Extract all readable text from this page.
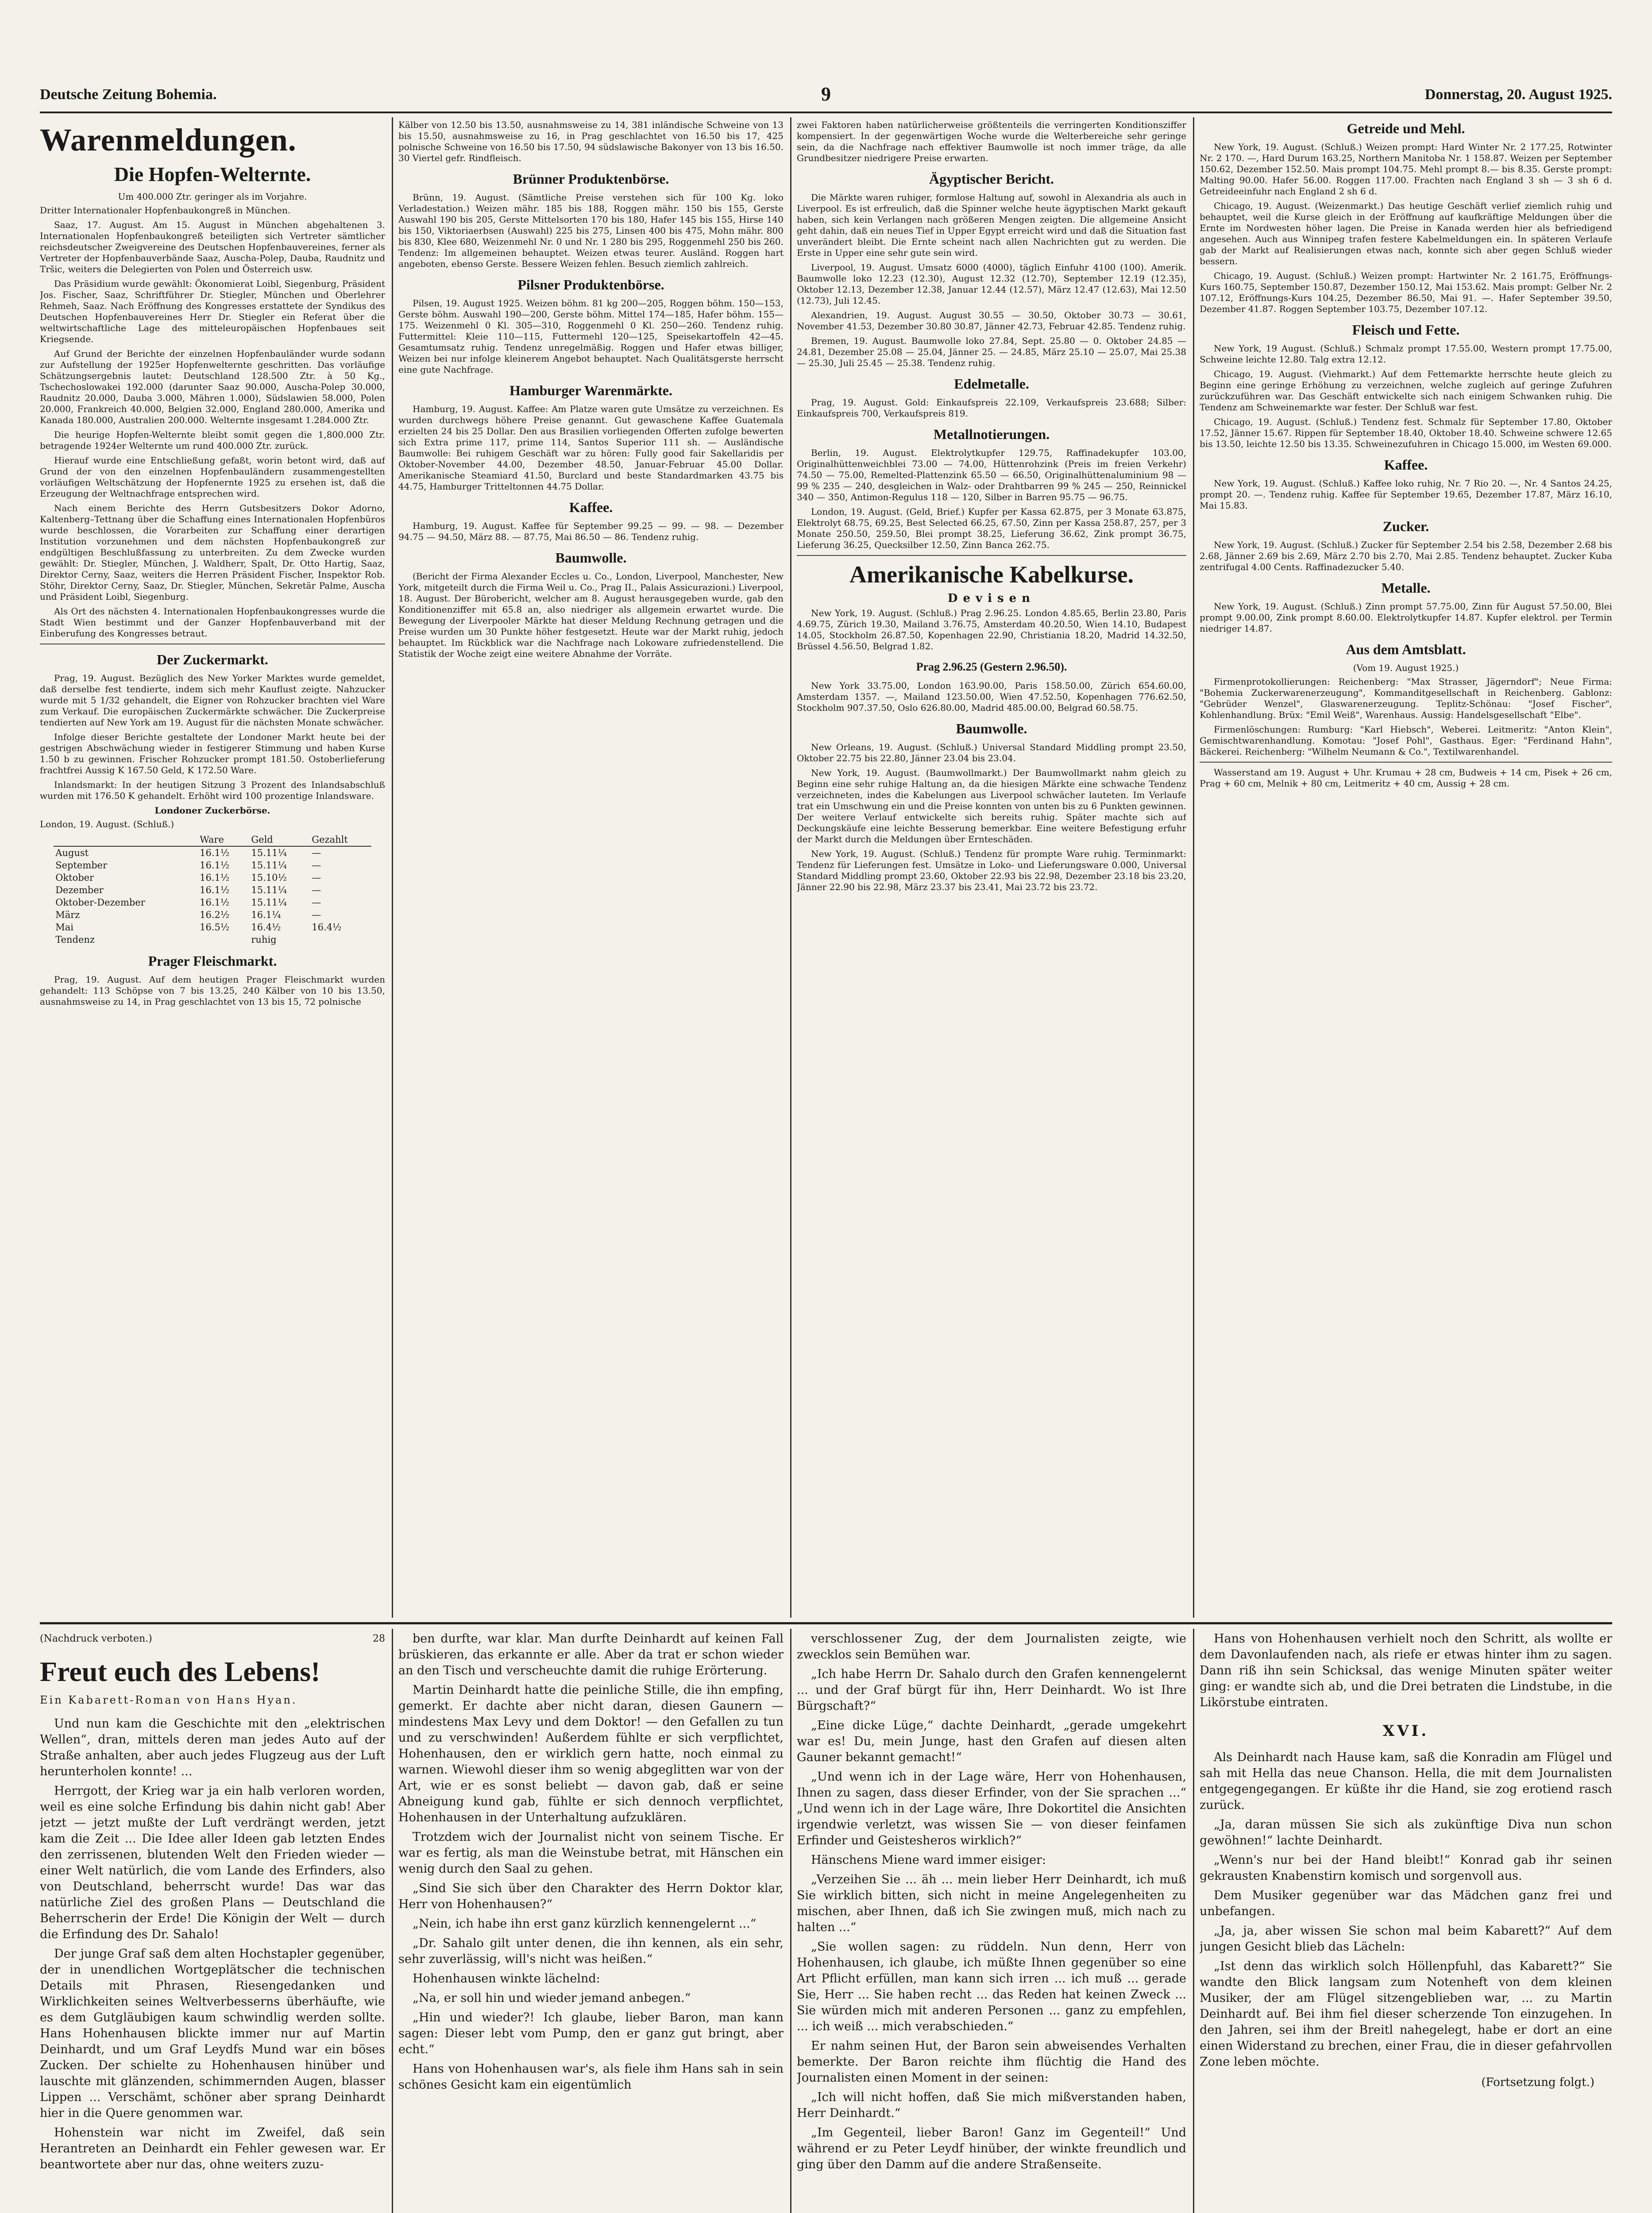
Deutsche Zeitung Bohemia.	9	Donnerstag, 20. August 1925.
Warenmeldungen.
Die Hopfen-Welternte.
Um 400.000 Ztr. geringer als im Vorjahre.

Dritter Internationaler Hopfenbaukongreß in München.

Saaz, 17. August. Am 15. August in München abgehaltenen 3. Internationalen Hopfenbaukongreß beteiligten sich Vertreter sämtlicher reichsdeutscher Zweigvereine des Deutschen Hopfenbauvereines, ferner als Vertreter der Hopfenbauverbände Saaz, Auscha-Polep, Dauba, Raudnitz und Tršic, weiters die Delegierten von Polen und Österreich usw.

Das Präsidium wurde gewählt: Ökonomierat Loibl, Siegenburg, Präsident Jos. Fischer, Saaz, Schriftführer Dr. Stiegler, München und Oberlehrer Rehmeh, Saaz. Nach Eröffnung des Kongresses erstattete der Syndikus des Deutschen Hopfenbauvereines Herr Dr. Stiegler ein Referat über die weltwirtschaftliche Lage des mitteleuropäischen Hopfenbaues seit Kriegsende.

Auf Grund der Berichte der einzelnen Hopfenbauländer wurde sodann zur Aufstellung der 1925er Hopfenwelternte geschritten. Das vorläufige Schätzungsergebnis lautet: Deutschland 128.500 Ztr. à 50 Kg., Tschechoslowakei 192.000 (darunter Saaz 90.000, Auscha-Polep 30.000, Raudnitz 20.000, Dauba 3.000, Mähren 1.000), Südslawien 58.000, Polen 20.000, Frankreich 40.000, Belgien 32.000, England 280.000, Amerika und Kanada 180.000, Australien 200.000. Welternte insgesamt 1.284.000 Ztr.

Die heurige Hopfen-Welternte bleibt somit gegen die 1,800.000 Ztr. betragende 1924er Welternte um rund 400.000 Ztr. zurück.

Hierauf wurde eine Entschließung gefaßt, worin betont wird, daß auf Grund der von den einzelnen Hopfenbauländern zusammengestellten vorläufigen Weltschätzung der Hopfenernte 1925 zu ersehen ist, daß die Erzeugung der Weltnachfrage entsprechen wird.

Nach einem Berichte des Herrn Gutsbesitzers Dokor Adorno, Kaltenberg–Tettnang über die Schaffung eines Internationalen Hopfenbüros wurde beschlossen, die Vorarbeiten zur Schaffung einer derartigen Institution vorzunehmen und dem nächsten Hopfenbaukongreß zur endgültigen Beschlußfassung zu unterbreiten. Zu dem Zwecke wurden gewählt: Dr. Stiegler, München, J. Waldherr, Spalt, Dr. Otto Hartig, Saaz, Direktor Cerny, Saaz, weiters die Herren Präsident Fischer, Inspektor Rob. Stöhr, Direktor Cerny, Saaz, Dr. Stiegler, München, Sekretär Palme, Auscha und Präsident Loibl, Siegenburg.

Als Ort des nächsten 4. Internationalen Hopfenbaukongresses wurde die Stadt Wien bestimmt und der Ganzer Hopfenbauverband mit der Einberufung des Kongresses betraut.

Der Zuckermarkt.

Prag, 19. August. Bezüglich des New Yorker Marktes wurde gemeldet, daß derselbe fest tendierte, indem sich mehr Kauflust zeigte. Nahzucker wurde mit 5 1/32 gehandelt, die Eigner von Rohzucker brachten viel Ware zum Verkauf. Die europäischen Zuckermärkte schwächer. Die Zuckerpreise tendierten auf New York am 19. August für die nächsten Monate schwächer.

Infolge dieser Berichte gestaltete der Londoner Markt heute bei der gestrigen Abschwächung wieder in festigerer Stimmung und haben Kurse 1.50 b zu gewinnen. Frischer Rohzucker prompt 181.50. Ostoberlieferung frachtfrei Aussig K 167.50 Geld, K 172.50 Ware.

Inlandsmarkt: In der heutigen Sitzung 3 Prozent des Inlandsabschluß wurden mit 176.50 K gehandelt. Erhöht wird 100 prozentige Inlandsware.

Londoner Zuckerbörse.

London, 19. August. (Schluß.)

	Ware	Geld	Gezahlt
August	16.1½	15.11¼	—
September	16.1½	15.11¼	—
Oktober	16.1½	15.10½	—
Dezember	16.1½	15.11¼	—
Oktober-Dezember	16.1½	15.11¼	—
März	16.2½	16.1¼	—
Mai	16.5½	16.4½	16.4½
Tendenz		ruhig	
Prager Fleischmarkt.

Prag, 19. August. Auf dem heutigen Prager Fleischmarkt wurden gehandelt: 113 Schöpse von 7 bis 13.25, 240 Kälber von 10 bis 13.50, ausnahmsweise zu 14, in Prag geschlachtet von 13 bis 15, 72 polnische

Kälber von 12.50 bis 13.50, ausnahmsweise zu 14, 381 inländische Schweine von 13 bis 15.50, ausnahmsweise zu 16, in Prag geschlachtet von 16.50 bis 17, 425 polnische Schweine von 16.50 bis 17.50, 94 südslawische Bakonyer von 13 bis 16.50. 30 Viertel gefr. Rindfleisch.

Brünner Produktenbörse.

Brünn, 19. August. (Sämtliche Preise verstehen sich für 100 Kg. loko Verladestation.) Weizen mähr. 185 bis 188, Roggen mähr. 150 bis 155, Gerste Auswahl 190 bis 205, Gerste Mittelsorten 170 bis 180, Hafer 145 bis 155, Hirse 140 bis 150, Viktoriaerbsen (Auswahl) 225 bis 275, Linsen 400 bis 475, Mohn mähr. 800 bis 830, Klee 680, Weizenmehl Nr. 0 und Nr. 1 280 bis 295, Roggenmehl 250 bis 260. Tendenz: Im allgemeinen behauptet. Weizen etwas teurer. Ausländ. Roggen hart angeboten, ebenso Gerste. Bessere Weizen fehlen. Besuch ziemlich zahlreich.

Pilsner Produktenbörse.

Pilsen, 19. August 1925. Weizen böhm. 81 kg 200—205, Roggen böhm. 150—153, Gerste böhm. Auswahl 190—200, Gerste böhm. Mittel 174—185, Hafer böhm. 155—175. Weizenmehl 0 Kl. 305—310, Roggenmehl 0 Kl. 250—260. Tendenz ruhig. Futtermittel: Kleie 110—115, Futtermehl 120—125, Speisekartoffeln 42—45. Gesamtumsatz ruhig. Tendenz unregelmäßig. Roggen und Hafer etwas billiger, Weizen bei nur infolge kleinerem Angebot behauptet. Nach Qualitätsgerste herrscht eine gute Nachfrage.

Hamburger Warenmärkte.

Hamburg, 19. August. Kaffee: Am Platze waren gute Umsätze zu verzeichnen. Es wurden durchwegs höhere Preise genannt. Gut gewaschene Kaffee Guatemala erzielten 24 bis 25 Dollar. Den aus Brasilien vorliegenden Offerten zufolge bewerten sich Extra prime 117, prime 114, Santos Superior 111 sh. — Ausländische Baumwolle: Bei ruhigem Geschäft war zu hören: Fully good fair Sakellaridis per Oktober-November 44.00, Dezember 48.50, Januar-Februar 45.00 Dollar. Amerikanische Steamiard 41.50, Burclard und beste Standardmarken 43.75 bis 44.75, Hamburger Tritteltonnen 44.75 Dollar.

Kaffee.

Hamburg, 19. August. Kaffee für September 99.25 — 99. — 98. — Dezember 94.75 — 94.50, März 88. — 87.75, Mai 86.50 — 86. Tendenz ruhig.

Baumwolle.

(Bericht der Firma Alexander Eccles u. Co., London, Liverpool, Manchester, New York, mitgeteilt durch die Firma Weil u. Co., Prag II., Palais Assicurazioni.) Liverpool, 18. August. Der Bürobericht, welcher am 8. August herausgegeben wurde, gab den Konditionenziffer mit 65.8 an, also niedriger als allgemein erwartet wurde. Die Bewegung der Liverpooler Märkte hat dieser Meldung Rechnung getragen und die Preise wurden um 30 Punkte höher festgesetzt. Heute war der Markt ruhig, jedoch behauptet. Im Rückblick war die Nachfrage nach Lokoware zufriedenstellend. Die Statistik der Woche zeigt eine weitere Abnahme der Vorräte.

zwei Faktoren haben natürlicherweise größtenteils die verringerten Konditionsziffer kompensiert. In der gegenwärtigen Woche wurde die Welterbereiche sehr geringe sein, da die Nachfrage nach effektiver Baumwolle ist noch immer träge, da alle Grundbesitzer niedrigere Preise erwarten.

Ägyptischer Bericht.

Die Märkte waren ruhiger, formlose Haltung auf, sowohl in Alexandria als auch in Liverpool. Es ist erfreulich, daß die Spinner welche heute ägyptischen Markt gekauft haben, sich kein Verlangen nach größeren Mengen zeigten. Die allgemeine Ansicht geht dahin, daß ein neues Tief in Upper Egypt erreicht wird und daß die Situation fast unverändert bleibt. Die Ernte scheint nach allen Nachrichten gut zu werden. Die Erste in Upper eine sehr gute sein wird.

Liverpool, 19. August. Umsatz 6000 (4000), täglich Einfuhr 4100 (100). Amerik. Baumwolle loko 12.23 (12.30), August 12.32 (12.70), September 12.19 (12.35), Oktober 12.13, Dezember 12.38, Januar 12.44 (12.57), März 12.47 (12.63), Mai 12.50 (12.73), Juli 12.45.

Alexandrien, 19. August. August 30.55 — 30.50, Oktober 30.73 — 30.61, November 41.53, Dezember 30.80 30.87, Jänner 42.73, Februar 42.85. Tendenz ruhig.

Bremen, 19. August. Baumwolle loko 27.84, Sept. 25.80 — 0. Oktober 24.85 — 24.81, Dezember 25.08 — 25.04, Jänner 25. — 24.85, März 25.10 — 25.07, Mai 25.38 — 25.30, Juli 25.45 — 25.38. Tendenz ruhig.

Edelmetalle.

Prag, 19. August. Gold: Einkaufspreis 22.109, Verkaufspreis 23.688; Silber: Einkaufspreis 700, Verkaufspreis 819.

Metallnotierungen.

Berlin, 19. August. Elektrolytkupfer 129.75, Raffinadekupfer 103.00, Originalhüttenweichblei 73.00 — 74.00, Hüttenrohzink (Preis im freien Verkehr) 74.50 — 75.00, Remelted-Plattenzink 65.50 — 66.50, Originalhüttenaluminium 98 — 99 % 235 — 240, desgleichen in Walz- oder Drahtbarren 99 % 245 — 250, Reinnickel 340 — 350, Antimon-Regulus 118 — 120, Silber in Barren 95.75 — 96.75.

London, 19. August. (Geld, Brief.) Kupfer per Kassa 62.875, per 3 Monate 63.875, Elektrolyt 68.75, 69.25, Best Selected 66.25, 67.50, Zinn per Kassa 258.87, 257, per 3 Monate 250.50, 259.50, Blei prompt 38.25, Lieferung 36.62, Zink prompt 36.75, Lieferung 36.25, Quecksilber 12.50, Zinn Banca 262.75.

Amerikanische Kabelkurse.
Devisen

New York, 19. August. (Schluß.) Prag 2.96.25. London 4.85.65, Berlin 23.80, Paris 4.69.75, Zürich 19.30, Mailand 3.76.75, Amsterdam 40.20.50, Wien 14.10, Budapest 14.05, Stockholm 26.87.50, Kopenhagen 22.90, Christiania 18.20, Madrid 14.32.50, Brüssel 4.56.50, Belgrad 1.82.

Prag 2.96.25 (Gestern 2.96.50).

New York 33.75.00, London 163.90.00, Paris 158.50.00, Zürich 654.60.00, Amsterdam 1357. —, Mailand 123.50.00, Wien 47.52.50, Kopenhagen 776.62.50, Stockholm 907.37.50, Oslo 626.80.00, Madrid 485.00.00, Belgrad 60.58.75.

Baumwolle.

New Orleans, 19. August. (Schluß.) Universal Standard Middling prompt 23.50, Oktober 22.75 bis 22.80, Jänner 23.04 bis 23.04.

New York, 19. August. (Baumwollmarkt.) Der Baumwollmarkt nahm gleich zu Beginn eine sehr ruhige Haltung an, da die hiesigen Märkte eine schwache Tendenz verzeichneten, indes die Kabelungen aus Liverpool schwächer lauteten. Im Verlaufe trat ein Umschwung ein und die Preise konnten von unten bis zu 6 Punkten gewinnen. Der weitere Verlauf entwickelte sich bereits ruhig. Später machte sich auf Deckungskäufe eine leichte Besserung bemerkbar. Eine weitere Befestigung erfuhr der Markt durch die Meldungen über Ernteschäden.

New York, 19. August. (Schluß.) Tendenz für prompte Ware ruhig. Terminmarkt: Tendenz für Lieferungen fest. Umsätze in Loko- und Lieferungsware 0.000, Universal Standard Middling prompt 23.60, Oktober 22.93 bis 22.98, Dezember 23.18 bis 23.20, Jänner 22.90 bis 22.98, März 23.37 bis 23.41, Mai 23.72 bis 23.72.

Getreide und Mehl.

New York, 19. August. (Schluß.) Weizen prompt: Hard Winter Nr. 2 177.25, Rotwinter Nr. 2 170. —, Hard Durum 163.25, Northern Manitoba Nr. 1 158.87. Weizen per September 150.62, Dezember 152.50. Mais prompt 104.75. Mehl prompt 8.— bis 8.35. Gerste prompt: Malting 90.00. Hafer 56.00. Roggen 117.00. Frachten nach England 3 sh — 3 sh 6 d. Getreideeinfuhr nach England 2 sh 6 d.

Chicago, 19. August. (Weizenmarkt.) Das heutige Geschäft verlief ziemlich ruhig und behauptet, weil die Kurse gleich in der Eröffnung auf kaufkräftige Meldungen über die Ernte im Nordwesten höher lagen. Die Preise in Kanada werden hier als befriedigend angesehen. Auch aus Winnipeg trafen festere Kabelmeldungen ein. In späteren Verlaufe gab der Markt auf Realisierungen etwas nach, konnte sich aber gegen Schluß wieder bessern.

Chicago, 19. August. (Schluß.) Weizen prompt: Hartwinter Nr. 2 161.75, Eröffnungs-Kurs 160.75, September 150.87, Dezember 150.12, Mai 153.62. Mais prompt: Gelber Nr. 2 107.12, Eröffnungs-Kurs 104.25, Dezember 86.50, Mai 91. —. Hafer September 39.50, Dezember 41.87. Roggen September 103.75, Dezember 107.12.

Fleisch und Fette.

New York, 19 August. (Schluß.) Schmalz prompt 17.55.00, Western prompt 17.75.00, Schweine leichte 12.80. Talg extra 12.12.

Chicago, 19. August. (Viehmarkt.) Auf dem Fettemarkte herrschte heute gleich zu Beginn eine geringe Erhöhung zu verzeichnen, welche zugleich auf geringe Zufuhren zurückzuführen war. Das Geschäft entwickelte sich nach einigem Schwanken ruhig. Die Tendenz am Schweinemarkte war fester. Der Schluß war fest.

Chicago, 19. August. (Schluß.) Tendenz fest. Schmalz für September 17.80, Oktober 17.52, Jänner 15.67. Rippen für September 18.40, Oktober 18.40. Schweine schwere 12.65 bis 13.50, leichte 12.50 bis 13.35. Schweinezufuhren in Chicago 15.000, im Westen 69.000.

Kaffee.

New York, 19. August. (Schluß.) Kaffee loko ruhig, Nr. 7 Rio 20. —, Nr. 4 Santos 24.25, prompt 20. —. Tendenz ruhig. Kaffee für September 19.65, Dezember 17.87, März 16.10, Mai 15.83.

Zucker.

New York, 19. August. (Schluß.) Zucker für September 2.54 bis 2.58, Dezember 2.68 bis 2.68, Jänner 2.69 bis 2.69, März 2.70 bis 2.70, Mai 2.85. Tendenz behauptet. Zucker Kuba zentrifugal 4.00 Cents. Raffinadezucker 5.40.

Metalle.

New York, 19. August. (Schluß.) Zinn prompt 57.75.00, Zinn für August 57.50.00, Blei prompt 9.00.00, Zink prompt 8.60.00. Elektrolytkupfer 14.87. Kupfer elektrol. per Termin niedriger 14.87.

Aus dem Amtsblatt.
(Vom 19. August 1925.)

Firmenprotokollierungen: Reichenberg: "Max Strasser, Jägerndorf"; Neue Firma: "Bohemia Zuckerwarenerzeugung", Kommanditgesellschaft in Reichenberg. Gablonz: "Gebrüder Wenzel", Glaswarenerzeugung. Teplitz-Schönau: "Josef Fischer", Kohlenhandlung. Brüx: "Emil Weiß", Warenhaus. Aussig: Handelsgesellschaft "Elbe".

Firmenlöschungen: Rumburg: "Karl Hiebsch", Weberei. Leitmeritz: "Anton Klein", Gemischtwarenhandlung. Komotau: "Josef Pohl", Gasthaus. Eger: "Ferdinand Hahn", Bäckerei. Reichenberg: "Wilhelm Neumann & Co.", Textilwarenhandel.

Wasserstand am 19. August + Uhr. Krumau + 28 cm, Budweis + 14 cm, Pisek + 26 cm, Prag + 60 cm, Melnik + 80 cm, Leitmeritz + 40 cm, Aussig + 28 cm.

(Nachdruck verboten.)	28
Freut euch des Lebens!
Ein Kabarett-Roman von Hans Hyan.

Und nun kam die Geschichte mit den „elektrischen Wellen“, dran, mittels deren man jedes Auto auf der Straße anhalten, aber auch jedes Flugzeug aus der Luft herunterholen konnte! ...

Herrgott, der Krieg war ja ein halb verloren worden, weil es eine solche Erfindung bis dahin nicht gab! Aber jetzt — jetzt mußte der Luft verdrängt werden, jetzt kam die Zeit ... Die Idee aller Ideen gab letzten Endes den zerrissenen, blutenden Welt den Frieden wieder — einer Welt natürlich, die vom Lande des Erfinders, also von Deutschland, beherrscht wurde! Das war das natürliche Ziel des großen Plans — Deutschland die Beherrscherin der Erde! Die Königin der Welt — durch die Erfindung des Dr. Sahalo!

Der junge Graf saß dem alten Hochstapler gegenüber, der in unendlichen Wortgeplätscher die technischen Details mit Phrasen, Riesengedanken und Wirklichkeiten seines Weltverbesserns überhäufte, wie es dem Gutgläubigen kaum schwindlig werden sollte. Hans Hohenhausen blickte immer nur auf Martin Deinhardt, und um Graf Leydfs Mund war ein böses Zucken. Der schielte zu Hohenhausen hinüber und lauschte mit glänzenden, schimmernden Augen, blasser Lippen ... Verschämt, schöner aber sprang Deinhardt hier in die Quere genommen war.

Hohenstein war nicht im Zweifel, daß sein Herantreten an Deinhardt ein Fehler gewesen war. Er beantwortete aber nur das, ohne weiters zuzu-

ben durfte, war klar. Man durfte Deinhardt auf keinen Fall brüskieren, das erkannte er alle. Aber da trat er schon wieder an den Tisch und verscheuchte damit die ruhige Erörterung.

Martin Deinhardt hatte die peinliche Stille, die ihn empfing, gemerkt. Er dachte aber nicht daran, diesen Gaunern — mindestens Max Levy und dem Doktor! — den Gefallen zu tun und zu verschwinden! Außerdem fühlte er sich verpflichtet, Hohenhausen, den er wirklich gern hatte, noch einmal zu warnen. Wiewohl dieser ihm so wenig abgeglitten war von der Art, wie er es sonst beliebt — davon gab, daß er seine Abneigung kund gab, fühlte er sich dennoch verpflichtet, Hohenhausen in der Unterhaltung aufzuklären.

Trotzdem wich der Journalist nicht von seinem Tische. Er war es fertig, als man die Weinstube betrat, mit Hänschen ein wenig durch den Saal zu gehen.

„Sind Sie sich über den Charakter des Herrn Doktor klar, Herr von Hohenhausen?“

„Nein, ich habe ihn erst ganz kürzlich kennengelernt ...“

„Dr. Sahalo gilt unter denen, die ihn kennen, als ein sehr, sehr zuverlässig, will's nicht was heißen.“

Hohenhausen winkte lächelnd:

„Na, er soll hin und wieder jemand anbegen.“

„Hin und wieder?! Ich glaube, lieber Baron, man kann sagen: Dieser lebt vom Pump, den er ganz gut bringt, aber echt.“

Hans von Hohenhausen war's, als fiele ihm Hans sah in sein schönes Gesicht kam ein eigentümlich

verschlossener Zug, der dem Journalisten zeigte, wie zwecklos sein Bemühen war.

„Ich habe Herrn Dr. Sahalo durch den Grafen kennengelernt ... und der Graf bürgt für ihn, Herr Deinhardt. Wo ist Ihre Bürgschaft?“

„Eine dicke Lüge,“ dachte Deinhardt, „gerade umgekehrt war es! Du, mein Junge, hast den Grafen auf diesen alten Gauner bekannt gemacht!“

„Und wenn ich in der Lage wäre, Herr von Hohenhausen, Ihnen zu sagen, dass dieser Erfinder, von der Sie sprachen ...“ „Und wenn ich in der Lage wäre, Ihre Dokortitel die Ansichten irgendwie verletzt, was wissen Sie — von dieser feinfamen Erfinder und Geistesheros wirklich?“

Hänschens Miene ward immer eisiger:

„Verzeihen Sie ... äh ... mein lieber Herr Deinhardt, ich muß Sie wirklich bitten, sich nicht in meine Angelegenheiten zu mischen, aber Ihnen, daß ich Sie zwingen muß, mich nach zu halten ...“

„Sie wollen sagen: zu rüddeln. Nun denn, Herr von Hohenhausen, ich glaube, ich müßte Ihnen gegenüber so eine Art Pflicht erfüllen, man kann sich irren ... ich muß ... gerade Sie, Herr ... Sie haben recht ... das Reden hat keinen Zweck ... Sie würden mich mit anderen Personen ... ganz zu empfehlen, ... ich weiß ... mich verabschieden.“

Er nahm seinen Hut, der Baron sein abweisendes Verhalten bemerkte. Der Baron reichte ihm flüchtig die Hand des Journalisten einen Moment in der seinen:

„Ich will nicht hoffen, daß Sie mich mißverstanden haben, Herr Deinhardt.“

„Im Gegenteil, lieber Baron! Ganz im Gegenteil!“ Und während er zu Peter Leydf hinüber, der winkte freundlich und ging über den Damm auf die andere Straßenseite.

Hans von Hohenhausen verhielt noch den Schritt, als wollte er dem Davonlaufenden nach, als riefe er etwas hinter ihm zu sagen. Dann riß ihn sein Schicksal, das wenige Minuten später weiter ging: er wandte sich ab, und die Drei betraten die Lindstube, in die Likörstube eintraten.

XVI.

Als Deinhardt nach Hause kam, saß die Konradin am Flügel und sah mit Hella das neue Chanson. Hella, die mit dem Journalisten entgegengegangen. Er küßte ihr die Hand, sie zog erotiend rasch zurück.

„Ja, daran müssen Sie sich als zukünftige Diva nun schon gewöhnen!“ lachte Deinhardt.

„Wenn's nur bei der Hand bleibt!“ Konrad gab ihr seinen gekrausten Knabenstirn komisch und sorgenvoll aus.

Dem Musiker gegenüber war das Mädchen ganz frei und unbefangen.

„Ja, ja, aber wissen Sie schon mal beim Kabarett?“ Auf dem jungen Gesicht blieb das Lächeln:

„Ist denn das wirklich solch Höllenpfuhl, das Kabarett?“ Sie wandte den Blick langsam zum Notenheft von dem kleinen Musiker, der am Flügel sitzengeblieben war, ... zu Martin Deinhardt auf. Bei ihm fiel dieser scherzende Ton einzugehen. In den Jahren, sei ihm der Breitl nahegelegt, habe er dort an eine einen Widerstand zu brechen, einer Frau, die in dieser gefahrvollen Zone leben möchte.

(Fortsetzung folgt.)
